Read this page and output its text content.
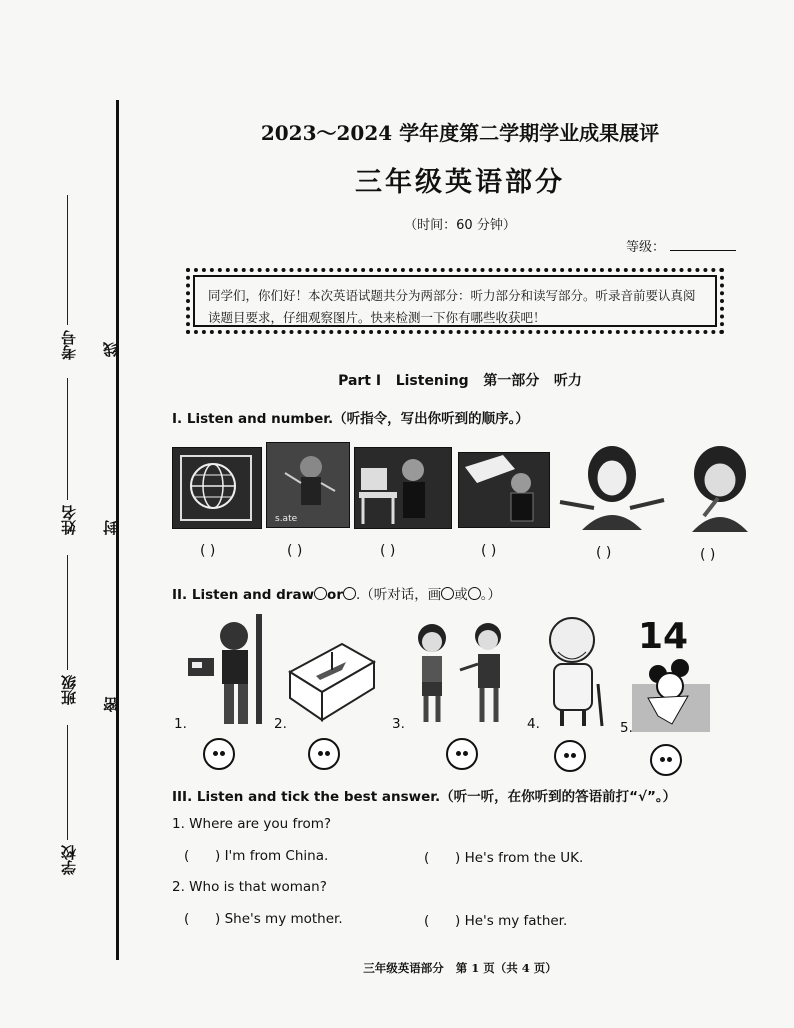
考号
姓名
班级
学校
线
封
密
2023～2024 学年度第二学期学业成果展评
三年级英语部分
（时间：60 分钟）
等级：
同学们，你们好！本次英语试题共分为两部分：听力部分和读写部分。听录音前要认真阅读题目要求，仔细观察图片。快来检测一下你有哪些收获吧！
Part I   Listening   第一部分   听力
I. Listen and number.（听指令，写出你听到的顺序。）
s.ate
( )	( )	( )	( )	( )	( )
II. Listen and draw or .（听对话，画 或 。）
14
1.	2.	3.	4.	5.
III. Listen and tick the best answer.（听一听，在你听到的答语前打“√”。）
1. Where are you from?
(      ) I'm from China.	(      ) He's from the UK.
2. Who is that woman?
(      ) She's my mother.	(      ) He's my father.
三年级英语部分   第 1 页（共 4 页）
